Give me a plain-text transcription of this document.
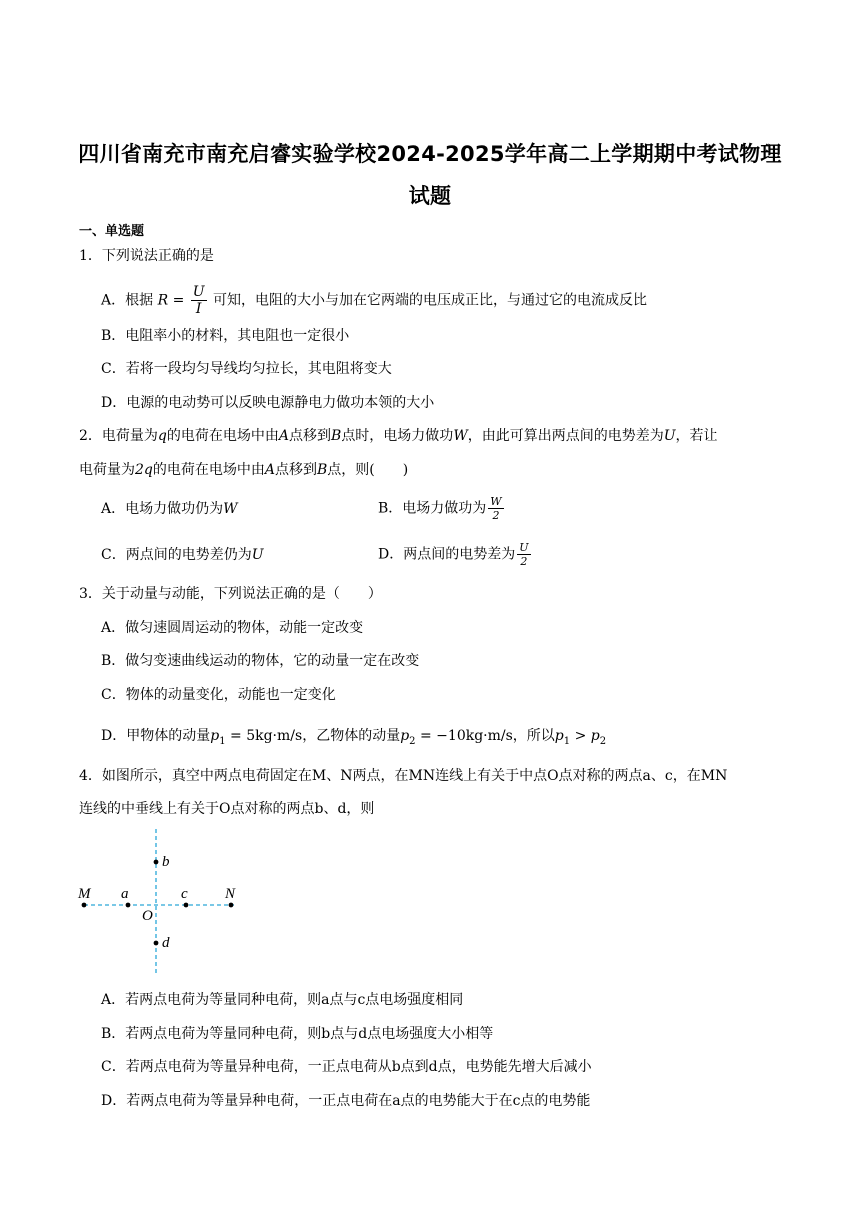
四川省南充市南充启睿实验学校2024-2025学年高二上学期期中考试物理
试题
一、单选题
1．下列说法正确的是
A．根据 $R = \frac{U}{I}$ 可知，电阻的大小与加在它两端的电压成正比，与通过它的电流成反比
B．电阻率小的材料，其电阻也一定很小
C．若将一段均匀导线均匀拉长，其电阻将变大
D．电源的电动势可以反映电源静电力做功本领的大小
2．电荷量为q的电荷在电场中由A点移到B点时，电场力做功W，由此可算出两点间的电势差为U，若让
电荷量为2q的电荷在电场中由A点移到B点，则(　　)
A．电场力做功仍为W	B．电场力做功为 $\frac{W}{2}$
C．两点间的电势差仍为U	D．两点间的电势差为 $\frac{U}{2}$
3．关于动量与动能，下列说法正确的是（　　）
A．做匀速圆周运动的物体，动能一定改变
B．做匀变速曲线运动的物体，它的动量一定在改变
C．物体的动量变化，动能也一定变化
D．甲物体的动量$p_1 = 5kg\cdot m/s$，乙物体的动量$p_2 = -10kg\cdot m/s$，所以$p_1 > p_2$
4．如图所示，真空中两点电荷固定在M、N两点，在MN连线上有关于中点O点对称的两点a、c，在MN
连线的中垂线上有关于O点对称的两点b、d，则
M a
O
c N
b
d
A．若两点电荷为等量同种电荷，则a点与c点电场强度相同
B．若两点电荷为等量同种电荷，则b点与d点电场强度大小相等
C．若两点电荷为等量异种电荷，一正点电荷从b点到d点，电势能先增大后减小
D．若两点电荷为等量异种电荷，一正点电荷在a点的电势能大于在c点的电势能
